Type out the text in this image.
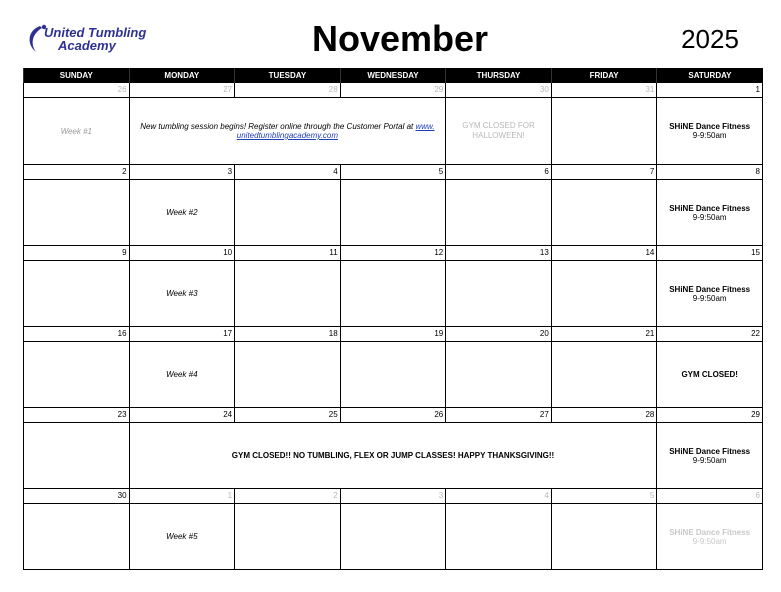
United Tumbling
Academy	November	2025
SUNDAY	MONDAY	TUESDAY	WEDNESDAY	THURSDAY	FRIDAY	SATURDAY
26	27	28	29	30	31	1
Week #1	New tumbling session begins! Register online through the Customer Portal at www. unitedtumblingacademy.com			GYM CLOSED FOR HALLOWEEN!		SHiNE Dance Fitness
9-9:50am

2	3	4	5	6	7	8
	Week #2					SHiNE Dance Fitness
9-9:50am

9	10	11	12	13	14	15
	Week #3					SHiNE Dance Fitness
9-9:50am

16	17	18	19	20	21	22
	Week #4					GYM CLOSED!
23	24	25	26	27	28	29
	GYM CLOSED!! NO TUMBLING, FLEX OR JUMP CLASSES! HAPPY THANKSGIVING!!					SHiNE Dance Fitness
9-9:50am

30	1	2	3	4	5	6
	Week #5					SHiNE Dance Fitness
9-9:50am
